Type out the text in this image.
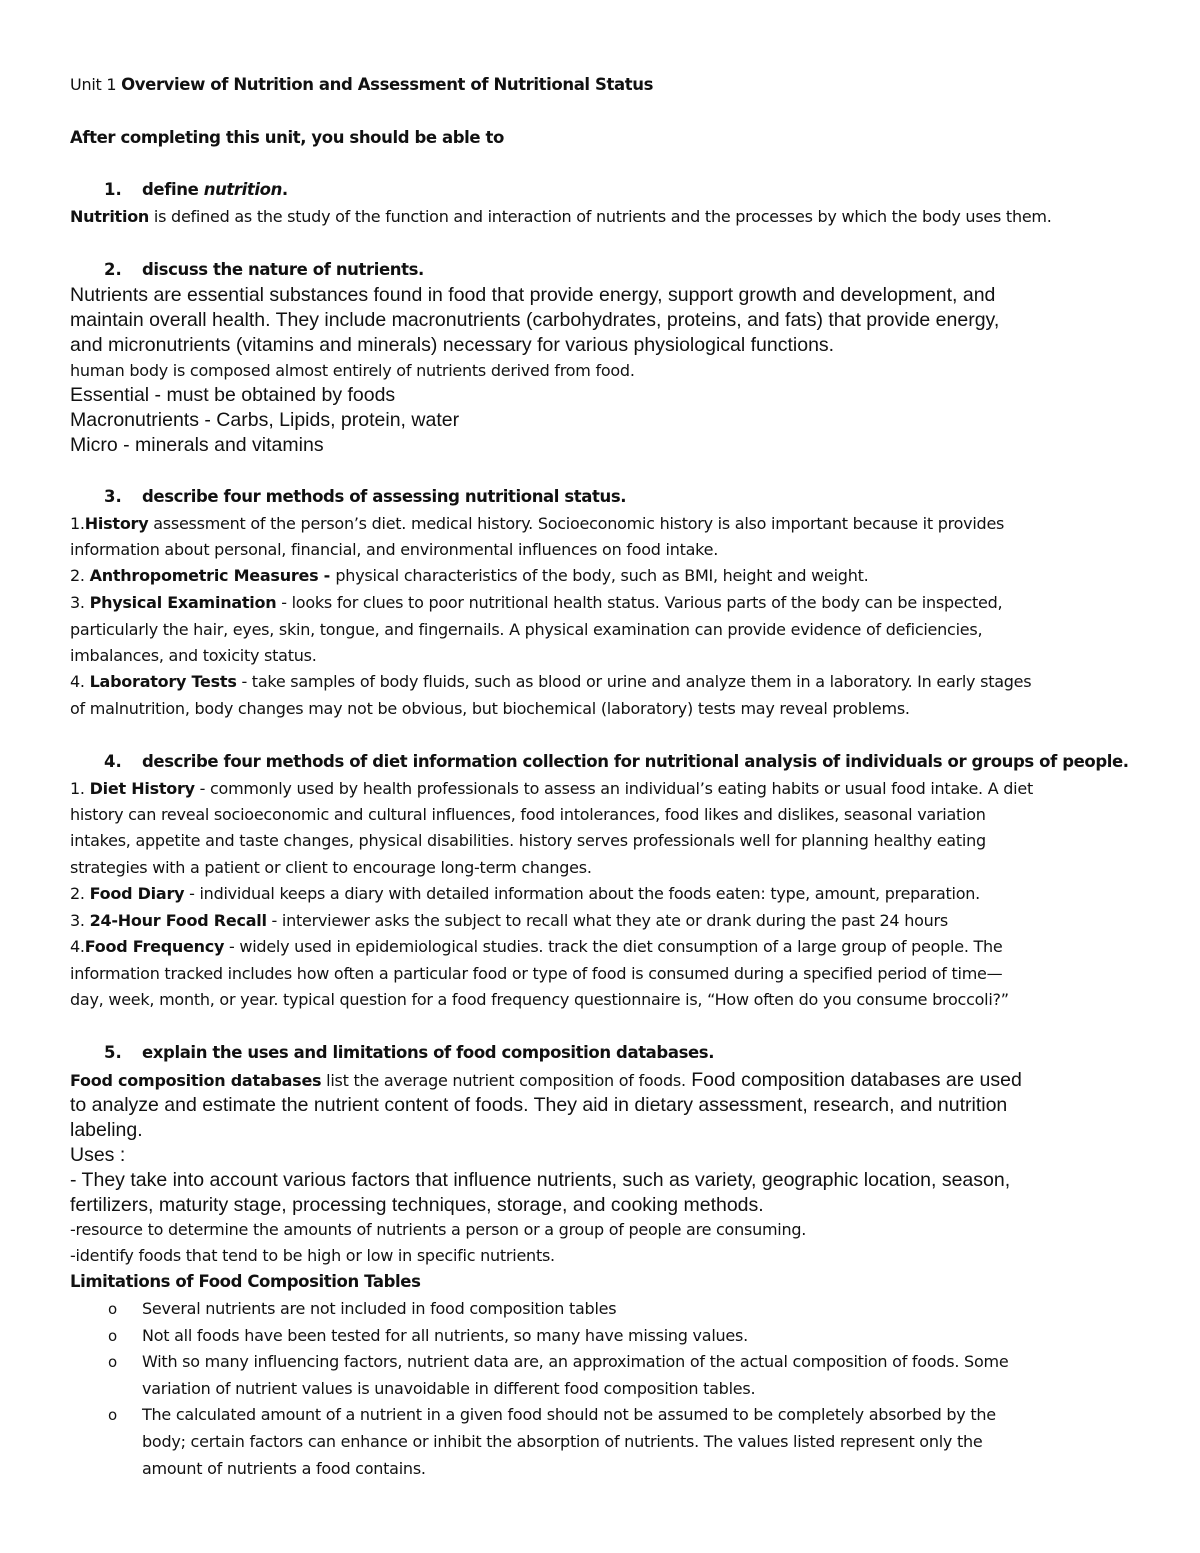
Unit 1 Overview of Nutrition and Assessment of Nutritional Status

After completing this unit, you should be able to

1. define nutrition.

Nutrition is defined as the study of the function and interaction of nutrients and the processes by which the body uses them.

2. discuss the nature of nutrients.

Nutrients are essential substances found in food that provide energy, support growth and development, and

maintain overall health. They include macronutrients (carbohydrates, proteins, and fats) that provide energy,

and micronutrients (vitamins and minerals) necessary for various physiological functions.

human body is composed almost entirely of nutrients derived from food.

Essential - must be obtained by foods

Macronutrients - Carbs, Lipids, protein, water

Micro - minerals and vitamins

3. describe four methods of assessing nutritional status.

1.History assessment of the person’s diet. medical history. Socioeconomic history is also important because it provides

information about personal, financial, and environmental influences on food intake.

2. Anthropometric Measures - physical characteristics of the body, such as BMI, height and weight.

3. Physical Examination - looks for clues to poor nutritional health status. Various parts of the body can be inspected,

particularly the hair, eyes, skin, tongue, and fingernails. A physical examination can provide evidence of deficiencies,

imbalances, and toxicity status.

4. Laboratory Tests - take samples of body fluids, such as blood or urine and analyze them in a laboratory. In early stages

of malnutrition, body changes may not be obvious, but biochemical (laboratory) tests may reveal problems.

4. describe four methods of diet information collection for nutritional analysis of individuals or groups of people.

1. Diet History - commonly used by health professionals to assess an individual’s eating habits or usual food intake. A diet

history can reveal socioeconomic and cultural influences, food intolerances, food likes and dislikes, seasonal variation

intakes, appetite and taste changes, physical disabilities. history serves professionals well for planning healthy eating

strategies with a patient or client to encourage long-term changes.

2. Food Diary - individual keeps a diary with detailed information about the foods eaten: type, amount, preparation.

3. 24-Hour Food Recall - interviewer asks the subject to recall what they ate or drank during the past 24 hours

4.Food Frequency - widely used in epidemiological studies. track the diet consumption of a large group of people. The

information tracked includes how often a particular food or type of food is consumed during a specified period of time—

day, week, month, or year. typical question for a food frequency questionnaire is, “How often do you consume broccoli?”

5. explain the uses and limitations of food composition databases.

Food composition databases list the average nutrient composition of foods. Food composition databases are used

to analyze and estimate the nutrient content of foods. They aid in dietary assessment, research, and nutrition

labeling.

Uses :

- They take into account various factors that influence nutrients, such as variety, geographic location, season,

fertilizers, maturity stage, processing techniques, storage, and cooking methods.

-resource to determine the amounts of nutrients a person or a group of people are consuming.

-identify foods that tend to be high or low in specific nutrients.

Limitations of Food Composition Tables

o Several nutrients are not included in food composition tables

o Not all foods have been tested for all nutrients, so many have missing values.

o With so many influencing factors, nutrient data are, an approximation of the actual composition of foods. Some

variation of nutrient values is unavoidable in different food composition tables.

o The calculated amount of a nutrient in a given food should not be assumed to be completely absorbed by the

body; certain factors can enhance or inhibit the absorption of nutrients. The values listed represent only the

amount of nutrients a food contains.
